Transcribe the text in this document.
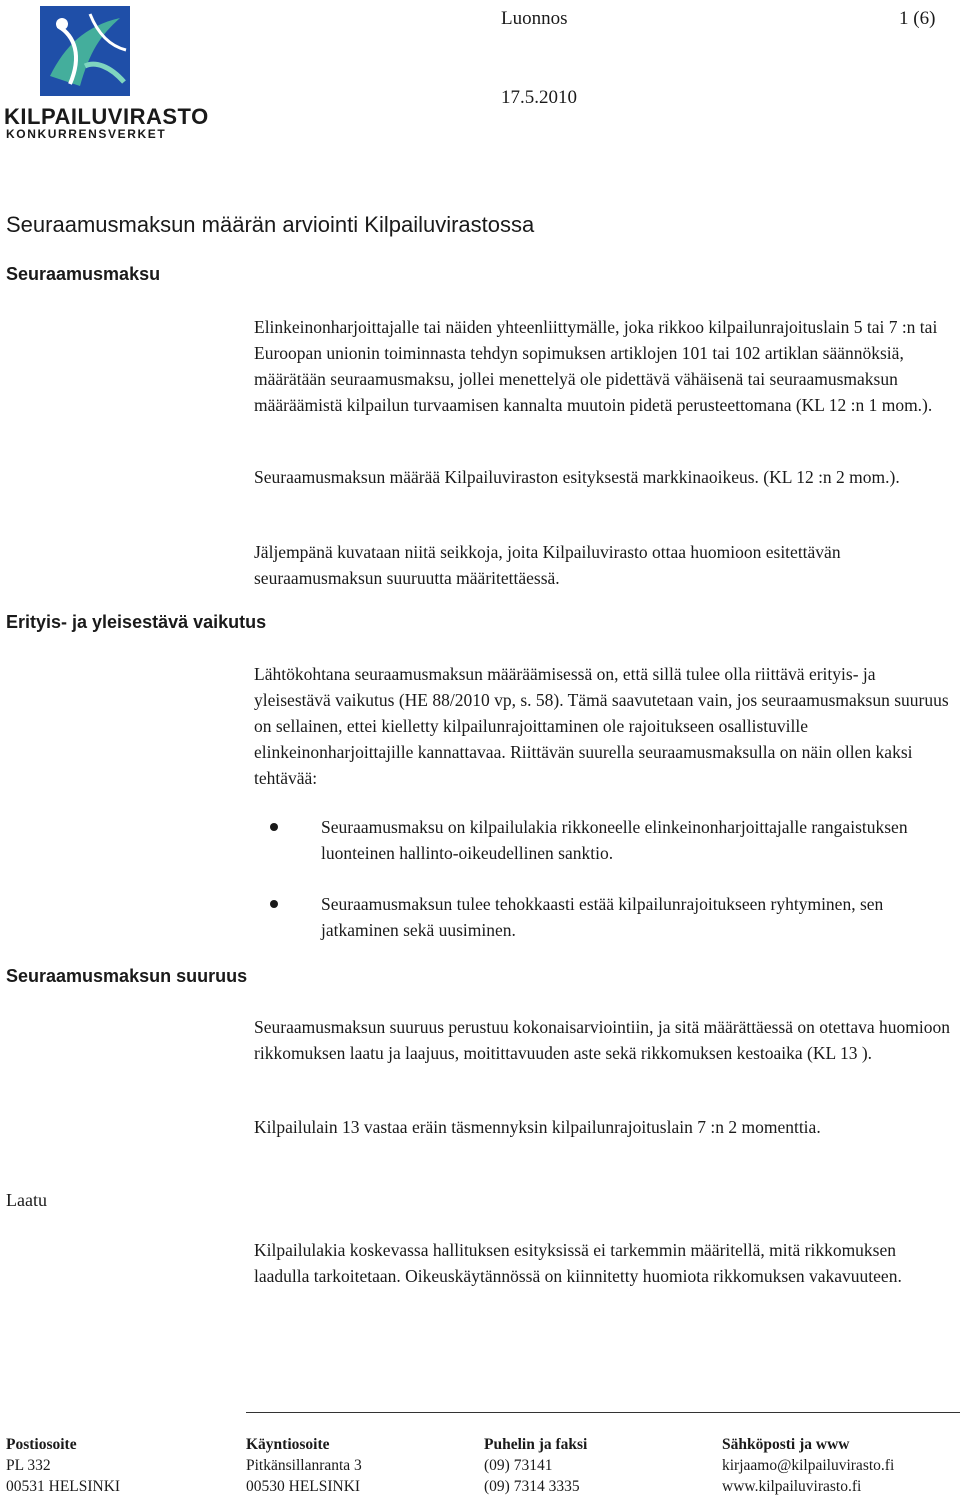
KILPAILUVIRASTO
KONKURRENSVERKET
Luonnos	1 (6)
17.5.2010
Seuraamusmaksun määrän arviointi Kilpailuvirastossa
Seuraamusmaksu
Erityis- ja yleisestävä vaikutus
Seuraamusmaksun suuruus
Laatu

Elinkeinonharjoittajalle tai näiden yhteenliittymälle, joka rikkoo kilpailunrajoituslain 5 tai 7 :n tai Euroopan unionin toiminnasta tehdyn sopimuksen artiklojen 101 tai 102 artiklan säännöksiä, määrätään seuraamusmaksu, jollei menettelyä ole pidettävä vähäisenä tai seuraamusmaksun määräämistä kilpailun turvaamisen kannalta muutoin pidetä perusteettomana (KL 12 :n 1 mom.).

Seuraamusmaksun määrää Kilpailuviraston esityksestä markkinaoikeus. (KL 12 :n 2 mom.).

Jäljempänä kuvataan niitä seikkoja, joita Kilpailuvirasto ottaa huomioon esitettävän seuraamusmaksun suuruutta määritettäessä.

Lähtökohtana seuraamusmaksun määräämisessä on, että sillä tulee olla riittävä erityis- ja yleisestävä vaikutus (HE 88/2010 vp, s. 58). Tämä saavutetaan vain, jos seuraamusmaksun suuruus on sellainen, ettei kielletty kilpailunrajoittaminen ole rajoitukseen osallistuville elinkeinonharjoittajille kannattavaa. Riittävän suurella seuraamusmaksulla on näin ollen kaksi tehtävää:

Seuraamusmaksu on kilpailulakia rikkoneelle elinkeinonharjoittajalle rangaistuksen luonteinen hallinto-oikeudellinen sanktio.
Seuraamusmaksun tulee tehokkaasti estää kilpailunrajoitukseen ryhtyminen, sen jatkaminen sekä uusiminen.

Seuraamusmaksun suuruus perustuu kokonaisarviointiin, ja sitä määrättäessä on otettava huomioon rikkomuksen laatu ja laajuus, moitittavuuden aste sekä rikkomuksen kestoaika (KL 13 ).

Kilpailulain 13 vastaa eräin täsmennyksin kilpailunrajoituslain 7 :n 2 momenttia.

Kilpailulakia koskevassa hallituksen esityksissä ei tarkemmin määritellä, mitä rikkomuksen laadulla tarkoitetaan. Oikeuskäytännössä on kiinnitetty huomiota rikkomuksen vakavuuteen.

Postiosoite
PL 332
00531 HELSINKI
Käyntiosoite
Pitkänsillanranta 3
00530 HELSINKI
Puhelin ja faksi
(09) 73141
(09) 7314 3335
Sähköposti ja www
kirjaamo@kilpailuvirasto.fi
www.kilpailuvirasto.fi
